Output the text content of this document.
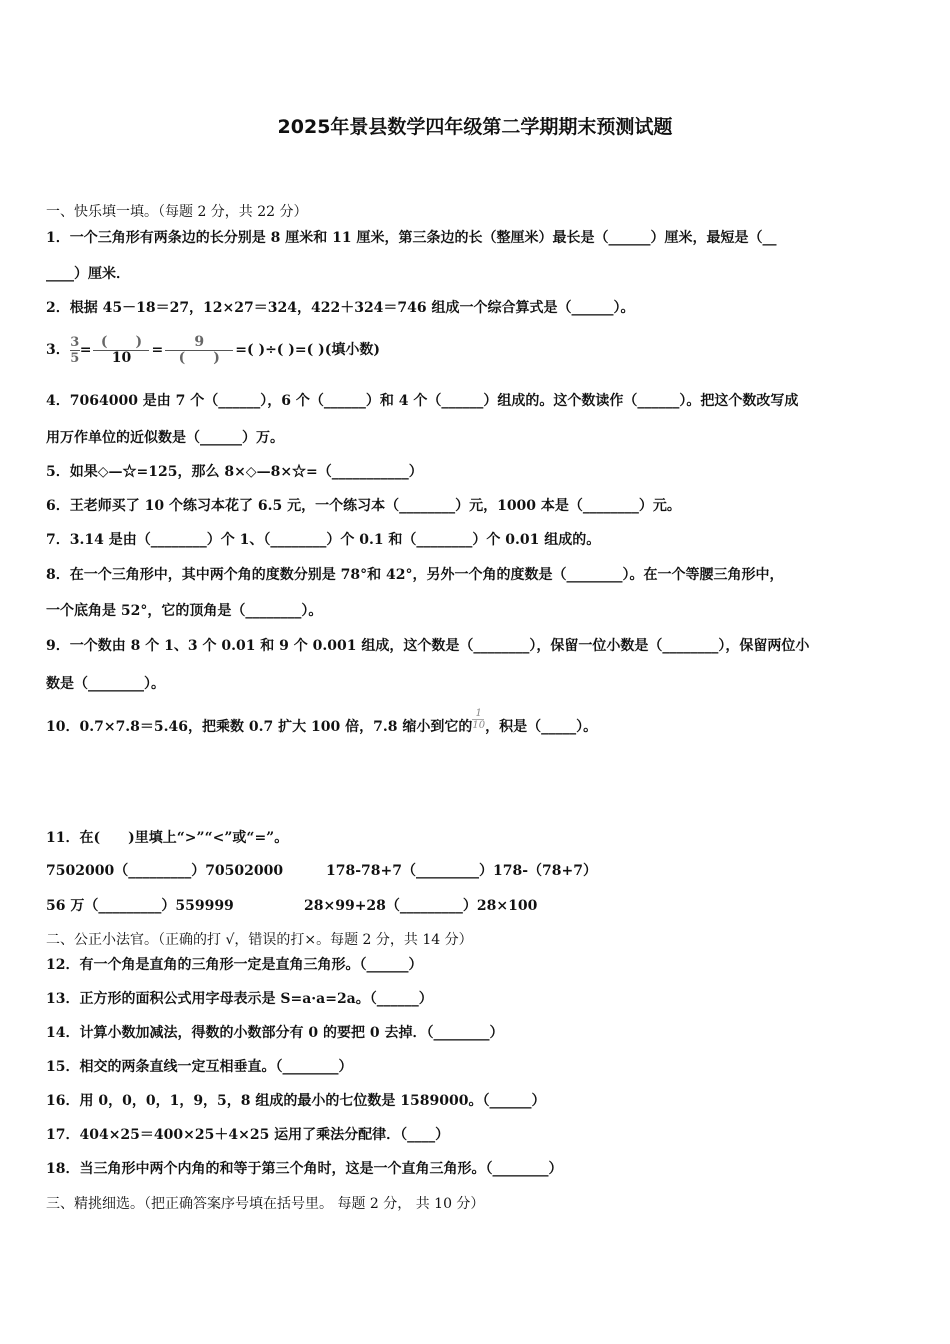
2025年景县数学四年级第二学期期末预测试题
一、快乐填一填。（每题 2 分，共 22 分）
1．一个三角形有两条边的长分别是 8 厘米和 11 厘米，第三条边的长（整厘米）最长是（______）厘米，最短是（__
____）厘米．
2．根据 45－18＝27，12×27＝324，422＋324＝746 组成一个综合算式是（______）。
3． $\frac{3}{5} = \frac{( )}{10} = \frac{9}{( )}$ =( )÷( )=( )(填小数)
4．7064000 是由 7 个（______），6 个（______）和 4 个（______）组成的。这个数读作（______）。把这个数改写成
用万作单位的近似数是（______）万。
5．如果◇—☆=125，那么 8×◇—8×☆=（___________）
6．王老师买了 10 个练习本花了 6.5 元，一个练习本（________）元，1000 本是（________）元。
7．3.14 是由（________）个 1、（________）个 0.1 和（________）个 0.01 组成的。
8．在一个三角形中，其中两个角的度数分别是 78°和 42°，另外一个角的度数是（________）。在一个等腰三角形中，
一个底角是 52°，它的顶角是（________）。
9．一个数由 8 个 1、3 个 0.01 和 9 个 0.001 组成，这个数是（________），保留一位小数是（________），保留两位小
数是（________）。
10．0.7×7.8＝5.46，把乘数 0.7 扩大 100 倍，7.8 缩小到它的 $\frac{1}{10}$ ，积是（_____）。
11．在(　　)里填上“>”“<”或“=”。
7502000（_________）70502000	178-78+7（_________）178-（78+7）
56 万（_________）559999	28×99+28（_________）28×100
二、公正小法官。（正确的打 √，错误的打×。每题 2 分，共 14 分）
12．有一个角是直角的三角形一定是直角三角形。（______）
13．正方形的面积公式用字母表示是 S=a·a=2a。（______）
14．计算小数加减法，得数的小数部分有 0 的要把 0 去掉．（________）
15．相交的两条直线一定互相垂直。（________）
16．用 0，0，0，1，9，5，8 组成的最小的七位数是 1589000。（______）
17．404×25＝400×25＋4×25 运用了乘法分配律．（____）
18．当三角形中两个内角的和等于第三个角时，这是一个直角三角形。（________）
三、精挑细选。（把正确答案序号填在括号里。 每题 2 分， 共 10 分）
